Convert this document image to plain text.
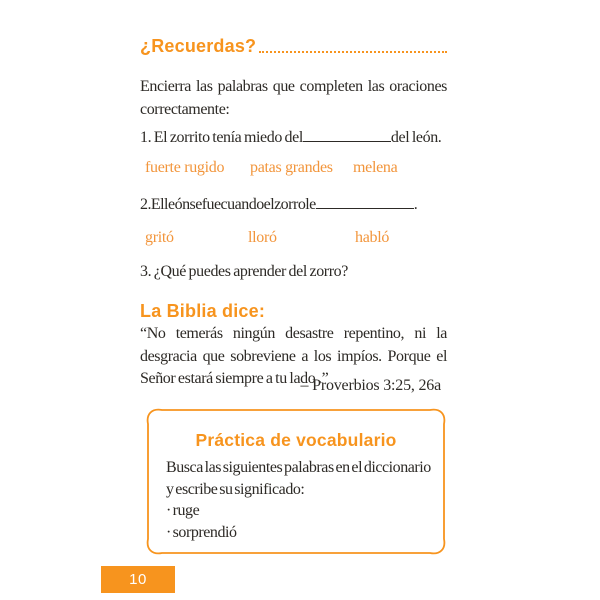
¿Recuerdas?
Encierra las palabras que completen las oraciones
correctamente:
1. El zorrito tenía miedo del	del león.
fuerte rugido patas grandes melena
2. El león se fue cuando el zorro le	.
gritó	lloró	habló
3. ¿Qué puedes aprender del zorro?
La Biblia dice:
“No temerás ningún desastre repentino, ni la
desgracia que sobreviene a los impíos. Porque el
Señor estará siempre a tu lado .”
– Proverbios 3:25, 26a
Práctica de vocabulario
Busca las siguientes palabras en el diccionario
y escribe su significado:
· ruge
· sorprendió
10
